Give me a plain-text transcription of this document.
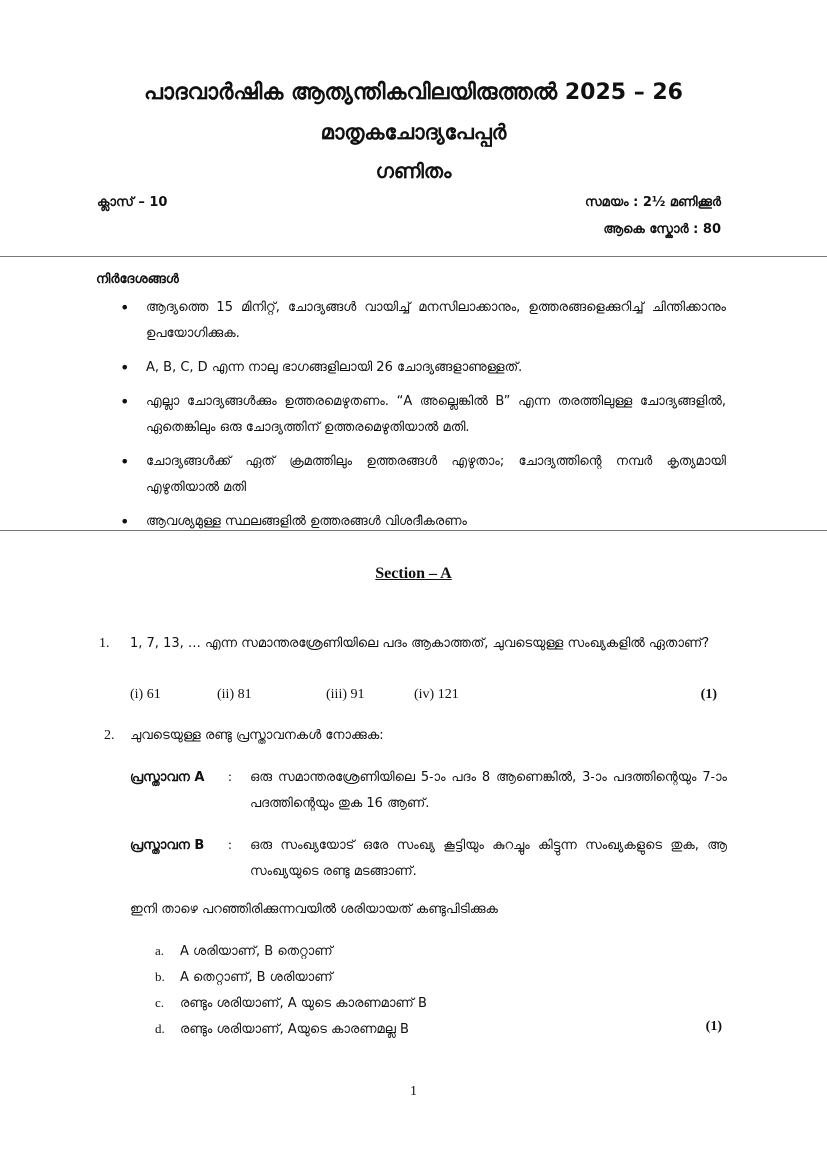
പാദവാർഷിക ആത്യന്തികവിലയിരുത്തൽ 2025 – 26
മാതൃകചോദ്യപേപ്പർ
ഗണിതം
ക്ലാസ് – 10	സമയം : 2½ മണിക്കൂർ
ആകെ സ്കോർ : 80
നിർദേശങ്ങൾ
• ആദ്യത്തെ 15 മിനിറ്റ്, ചോദ്യങ്ങൾ വായിച്ച് മനസിലാക്കാനും, ഉത്തരങ്ങളെക്കുറിച്ച് ചിന്തിക്കാനും ഉപയോഗിക്കുക.
• A, B, C, D എന്ന നാലു ഭാഗങ്ങളിലായി 26 ചോദ്യങ്ങളാണുള്ളത്.
• എല്ലാ ചോദ്യങ്ങൾക്കും ഉത്തരമെഴുതണം. “A അല്ലെങ്കിൽ B” എന്ന തരത്തിലുള്ള ചോദ്യങ്ങളിൽ, ഏതെങ്കിലും ഒരു ചോദ്യത്തിന് ഉത്തരമെഴുതിയാൽ മതി.
• ചോദ്യങ്ങൾക്ക് ഏത് ക്രമത്തിലും ഉത്തരങ്ങൾ എഴുതാം; ചോദ്യത്തിന്റെ നമ്പർ കൃത്യമായി എഴുതിയാൽ മതി
• ആവശ്യമുള്ള സ്ഥലങ്ങളിൽ ഉത്തരങ്ങൾ വിശദീകരണം
Section – A
1. 1, 7, 13, … എന്ന സമാന്തരശ്രേണിയിലെ പദം ആകാത്തത്, ചുവടെയുള്ള സംഖ്യകളിൽ ഏതാണ്?
(i) 61	(ii) 81	(iii) 91	(iv) 121	(1)
2. ചുവടെയുള്ള രണ്ടു പ്രസ്താവനകൾ നോക്കുക:
പ്രസ്താവന A : ഒരു സമാന്തരശ്രേണിയിലെ 5-ാം പദം 8 ആണെങ്കിൽ, 3-ാം പദത്തിന്റെയും 7-ാം പദത്തിന്റെയും തുക 16 ആണ്.
പ്രസ്താവന B : ഒരു സംഖ്യയോട് ഒരേ സംഖ്യ കൂട്ടിയും കുറച്ചും കിട്ടുന്ന സംഖ്യകളുടെ തുക, ആ സംഖ്യയുടെ രണ്ടു മടങ്ങാണ്.
ഇനി താഴെ പറഞ്ഞിരിക്കുന്നവയിൽ ശരിയായത് കണ്ടുപിടിക്കുക
a. A ശരിയാണ്, B തെറ്റാണ്
b. A തെറ്റാണ്, B ശരിയാണ്
c. രണ്ടും ശരിയാണ്, A യുടെ കാരണമാണ് B
d. രണ്ടും ശരിയാണ്, Aയുടെ കാരണമല്ല B	(1)
1
